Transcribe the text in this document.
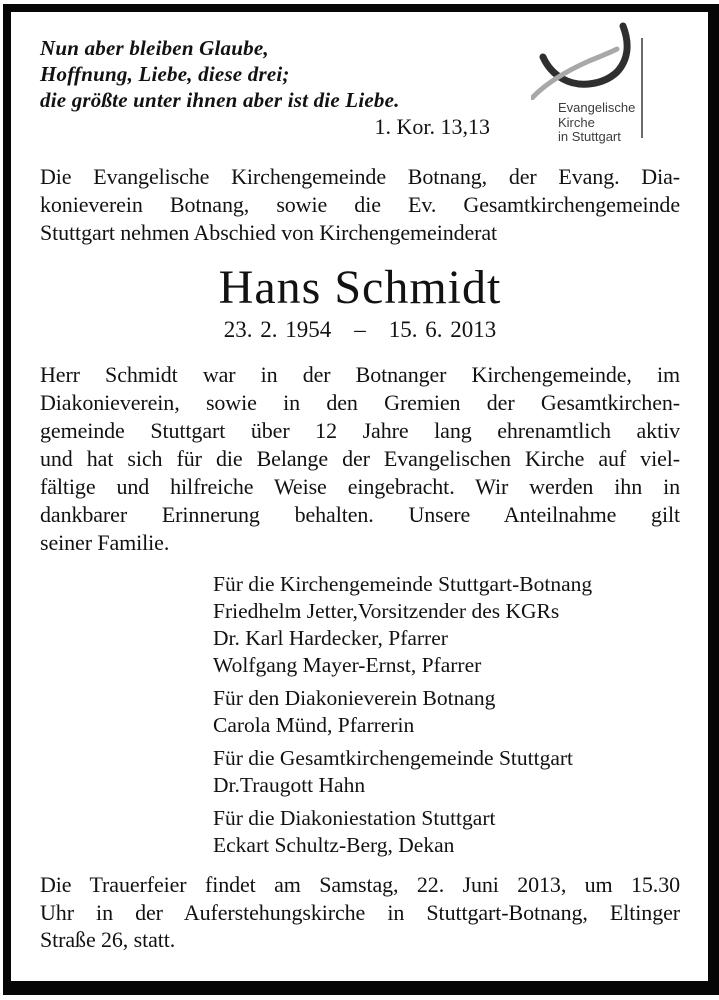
Nun aber bleiben Glaube,
Hoffnung, Liebe, diese drei;
die größte unter ihnen aber ist die Liebe.
1. Kor. 13,13
Evangelische
Kirche
in Stuttgart
Die Evangelische Kirchengemeinde Botnang, der Evang. Dia-
konieverein Botnang, sowie die Ev. Gesamtkirchengemeinde
Stuttgart nehmen Abschied von Kirchengemeinderat
Hans Schmidt
23. 2. 1954  –  15. 6. 2013
Herr Schmidt war in der Botnanger Kirchengemeinde, im
Diakonieverein, sowie in den Gremien der Gesamtkirchen-
gemeinde Stuttgart über 12 Jahre lang ehrenamtlich aktiv
und hat sich für die Belange der Evangelischen Kirche auf viel-
fältige und hilfreiche Weise eingebracht. Wir werden ihn in
dankbarer Erinnerung behalten. Unsere Anteilnahme gilt
seiner Familie.
Für die Kirchengemeinde Stuttgart-Botnang
Friedhelm Jetter,Vorsitzender des KGRs
Dr. Karl Hardecker, Pfarrer
Wolfgang Mayer-Ernst, Pfarrer
Für den Diakonieverein Botnang
Carola Münd, Pfarrerin
Für die Gesamtkirchengemeinde Stuttgart
Dr.Traugott Hahn
Für die Diakoniestation Stuttgart
Eckart Schultz-Berg, Dekan
Die Trauerfeier findet am Samstag, 22. Juni 2013, um 15.30
Uhr in der Auferstehungskirche in Stuttgart-Botnang, Eltinger
Straße 26, statt.
